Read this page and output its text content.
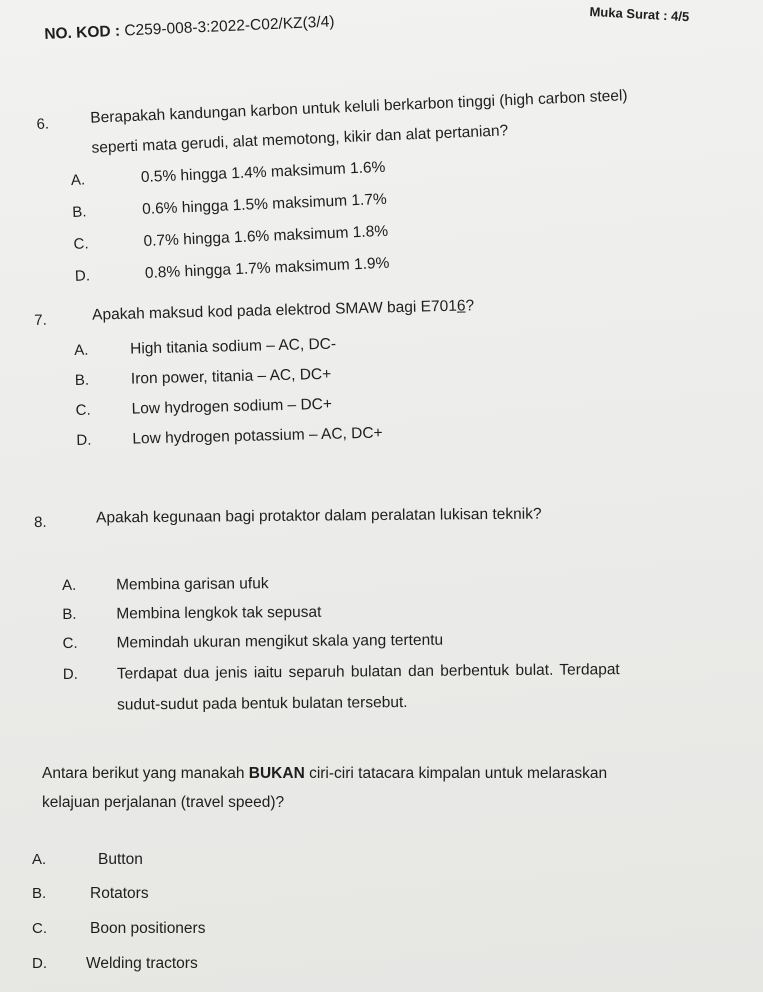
Muka Surat : 4/5
NO. KOD : C259-008-3:2022-C02/KZ(3/4)
6.	Berapakah kandungan karbon untuk keluli berkarbon tinggi (high carbon steel)
seperti mata gerudi, alat memotong, kikir dan alat pertanian?
A.	0.5% hingga 1.4% maksimum 1.6%
B.	0.6% hingga 1.5% maksimum 1.7%
C.	0.7% hingga 1.6% maksimum 1.8%
D.	0.8% hingga 1.7% maksimum 1.9%
7.	Apakah maksud kod pada elektrod SMAW bagi E7016?
A.	High titania sodium – AC, DC-
B.	Iron power, titania – AC, DC+
C.	Low hydrogen sodium – DC+
D.	Low hydrogen potassium – AC, DC+
8.	Apakah kegunaan bagi protaktor dalam peralatan lukisan teknik?
A.	Membina garisan ufuk
B.	Membina lengkok tak sepusat
C.	Memindah ukuran mengikut skala yang tertentu
D.	Terdapat dua jenis iaitu separuh bulatan dan berbentuk bulat. Terdapat
sudut-sudut pada bentuk bulatan tersebut.
Antara berikut yang manakah BUKAN ciri-ciri tatacara kimpalan untuk melaraskan
kelajuan perjalanan (travel speed)?
A.	Button
B.	Rotators
C.	Boon positioners
D.	Welding tractors
